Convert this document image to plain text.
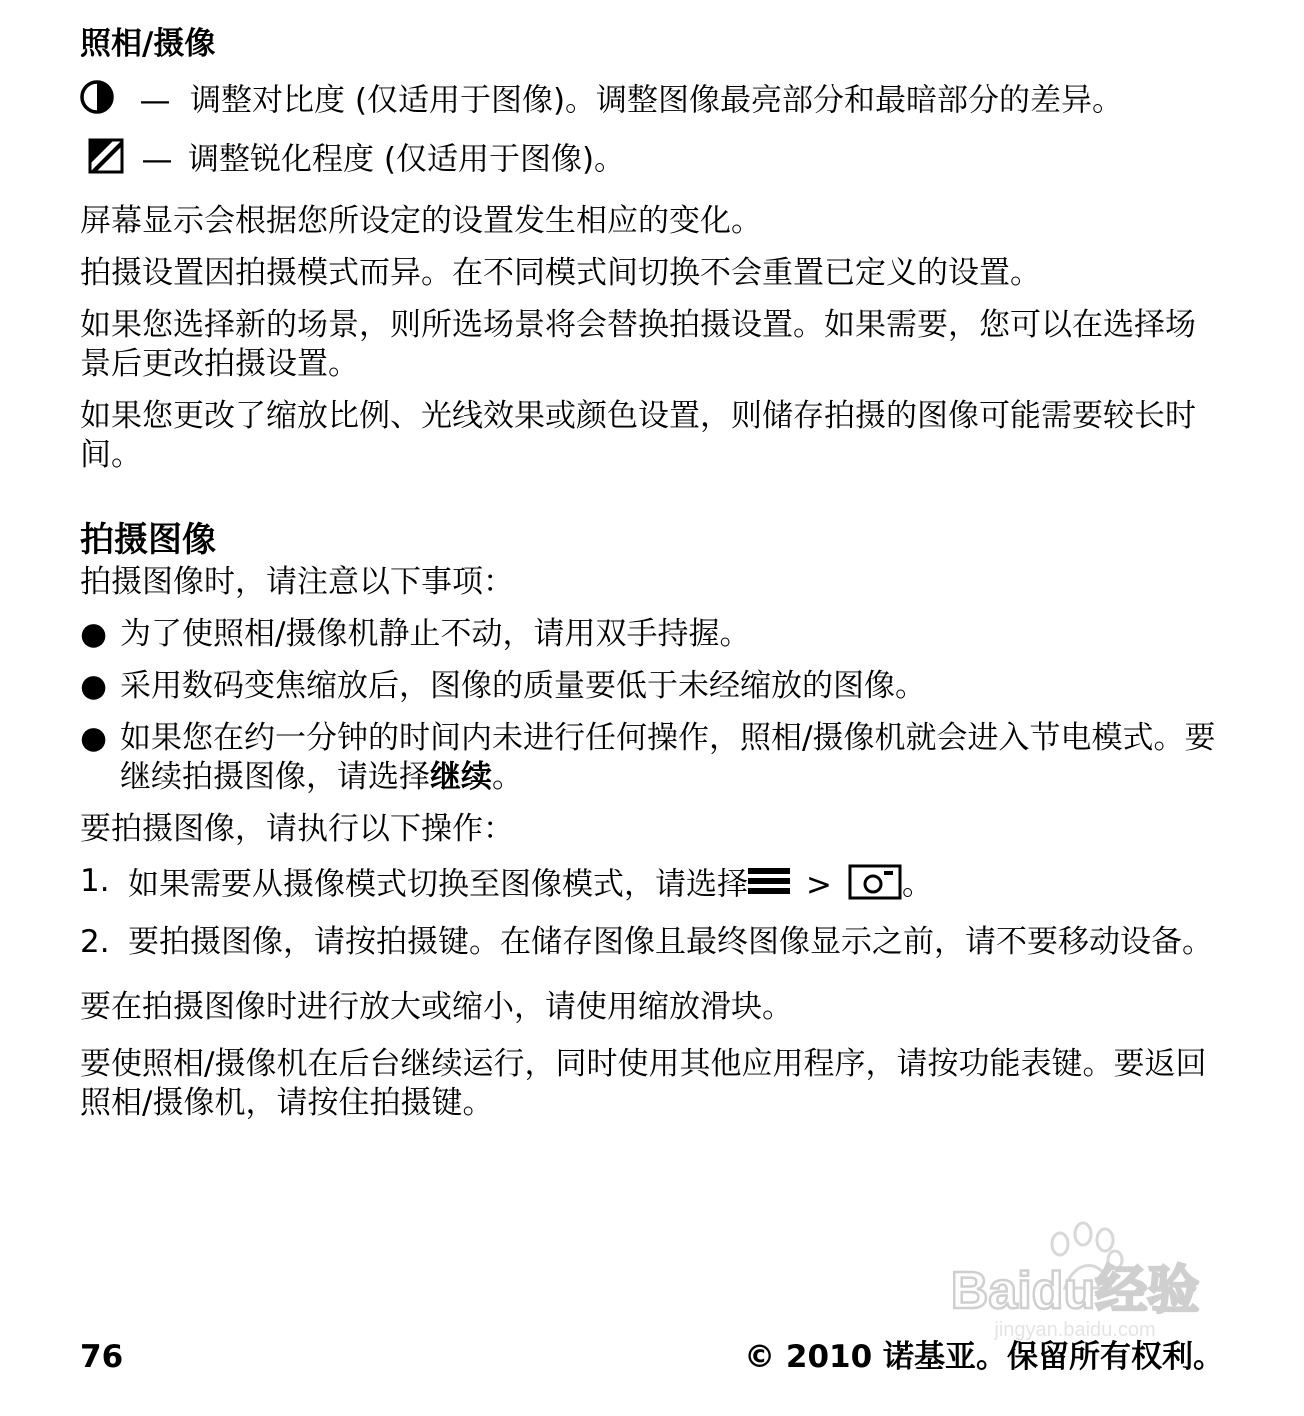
照相/摄像

— 调整对比度 (仅适用于图像)。调整图像最亮部分和最暗部分的差异。

— 调整锐化程度 (仅适用于图像)。

屏幕显示会根据您所设定的设置发生相应的变化。

拍摄设置因拍摄模式而异。在不同模式间切换不会重置已定义的设置。

如果您选择新的场景，则所选场景将会替换拍摄设置。如果需要，您可以在选择场景后更改拍摄设置。

如果您更改了缩放比例、光线效果或颜色设置，则储存拍摄的图像可能需要较长时间。

拍摄图像

拍摄图像时，请注意以下事项：

● 为了使照相/摄像机静止不动，请用双手持握。
● 采用数码变焦缩放后，图像的质量要低于未经缩放的图像。
● 如果您在约一分钟的时间内未进行任何操作，照相/摄像机就会进入节电模式。要继续拍摄图像，请选择继续。

要拍摄图像，请执行以下操作：

1. 如果需要从摄像模式切换至图像模式，请选择 > 。
2. 要拍摄图像，请按拍摄键。在储存图像且最终图像显示之前，请不要移动设备。

要在拍摄图像时进行放大或缩小，请使用缩放滑块。

要使照相/摄像机在后台继续运行，同时使用其他应用程序，请按功能表键。要返回照相/摄像机，请按住拍摄键。

Baidu经验
jingyan.baidu.com
76	© 2010 诺基亚。保留所有权利。
